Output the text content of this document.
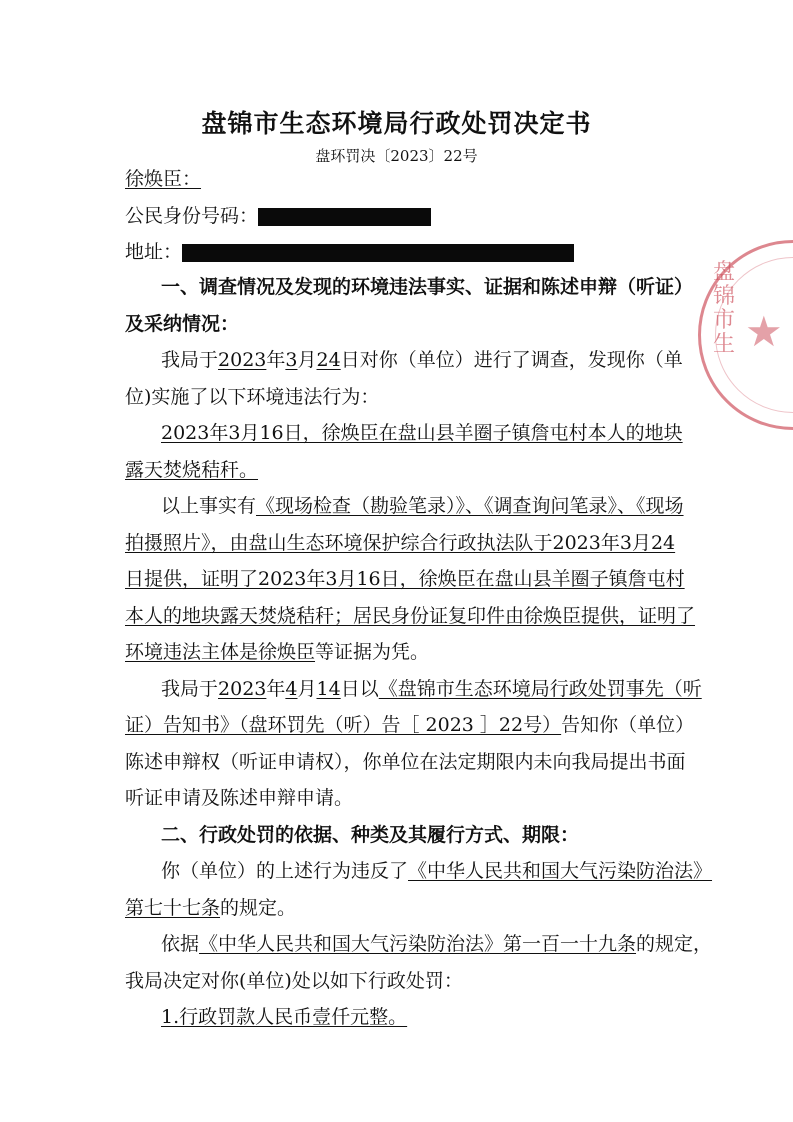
盘锦市生态环境局行政处罚决定书

盘环罚决〔2023〕22号

徐焕臣：

公民身份号码：

地址：

一、调查情况及发现的环境违法事实、证据和陈述申辩（听证）

及采纳情况：

我局于2023年3月24日对你（单位）进行了调查，发现你（单

位)实施了以下环境违法行为：

2023年3月16日，徐焕臣在盘山县羊圈子镇詹屯村本人的地块

露天焚烧秸秆。

以上事实有《现场检查（勘验笔录）》、《调查询问笔录》、《现场

拍摄照片》，由盘山生态环境保护综合行政执法队于2023年3月24

日提供，证明了2023年3月16日，徐焕臣在盘山县羊圈子镇詹屯村

本人的地块露天焚烧秸秆；居民身份证复印件由徐焕臣提供，证明了

环境违法主体是徐焕臣等证据为凭。

我局于2023年4月14日以《盘锦市生态环境局行政处罚事先（听

证）告知书》（盘环罚先（听）告［ 2023 ］22号）告知你（单位）

陈述申辩权（听证申请权），你单位在法定期限内未向我局提出书面

听证申请及陈述申辩申请。

二、行政处罚的依据、种类及其履行方式、期限：

你（单位）的上述行为违反了《中华人民共和国大气污染防治法》

第七十七条的规定。

依据《中华人民共和国大气污染防治法》第一百一十九条的规定，

我局决定对你(单位)处以如下行政处罚：

1.行政罚款人民币壹仟元整。

★
盘锦市生
